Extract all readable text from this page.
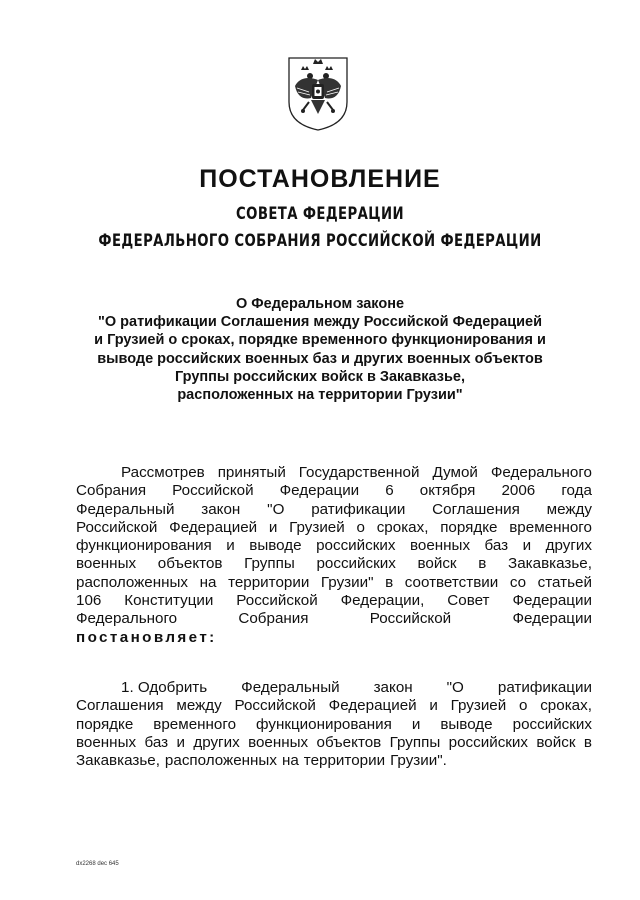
ПОСТАНОВЛЕНИЕ
СОВЕТА ФЕДЕРАЦИИ
ФЕДЕРАЛЬНОГО СОБРАНИЯ РОССИЙСКОЙ ФЕДЕРАЦИИ
О Федеральном законе
"О ратификации Соглашения между Российской Федерацией
и Грузией о сроках, порядке временного функционирования и
выводе российских военных баз и других военных объектов
Группы российских войск в Закавказье,
расположенных на территории Грузии"
Рассмотрев принятый Государственной Думой Федерального
Собрания Российской Федерации 6 октября 2006 года
Федеральный закон "О ратификации Соглашения между
Российской Федерацией и Грузией о сроках, порядке временного
функционирования и выводе российских военных баз и других
военных объектов Группы российских войск в Закавказье,
расположенных на территории Грузии" в соответствии со статьей
106 Конституции Российской Федерации, Совет Федерации
Федерального	Собрания	Российской	Федерации
постановляет:
1. Одобрить Федеральный закон "О ратификации
Соглашения между Российской Федерацией и Грузией о сроках,
порядке временного функционирования и выводе российских
военных баз и других военных объектов Группы российских войск в
Закавказье, расположенных на территории Грузии".
dx2268 dec 645
